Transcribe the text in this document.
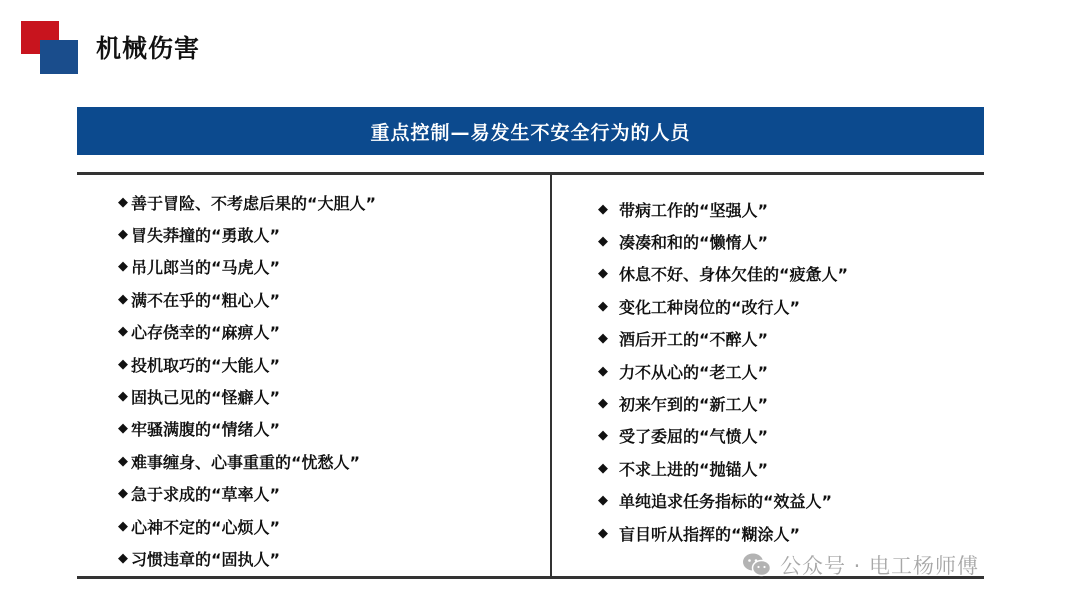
机械伤害
重点控制—易发生不安全行为的人员
◆ 善于冒险、不考虑后果的“大胆人”
◆ 冒失莽撞的“勇敢人”
◆ 吊儿郎当的“马虎人”
◆ 满不在乎的“粗心人”
◆ 心存侥幸的“麻痹人”
◆ 投机取巧的“大能人”
◆ 固执己见的“怪癖人”
◆ 牢骚满腹的“情绪人”
◆ 难事缠身、心事重重的“忧愁人”
◆ 急于求成的“草率人”
◆ 心神不定的“心烦人”
◆ 习惯违章的“固执人”
◆ 带病工作的“坚强人”
◆ 凑凑和和的“懒惰人”
◆ 休息不好、身体欠佳的“疲惫人”
◆ 变化工种岗位的“改行人”
◆ 酒后开工的“不醉人”
◆ 力不从心的“老工人”
◆ 初来乍到的“新工人”
◆ 受了委屈的“气愤人”
◆ 不求上进的“抛锚人”
◆ 单纯追求任务指标的“效益人”
◆ 盲目听从指挥的“糊涂人”
公众号 · 电工杨师傅
